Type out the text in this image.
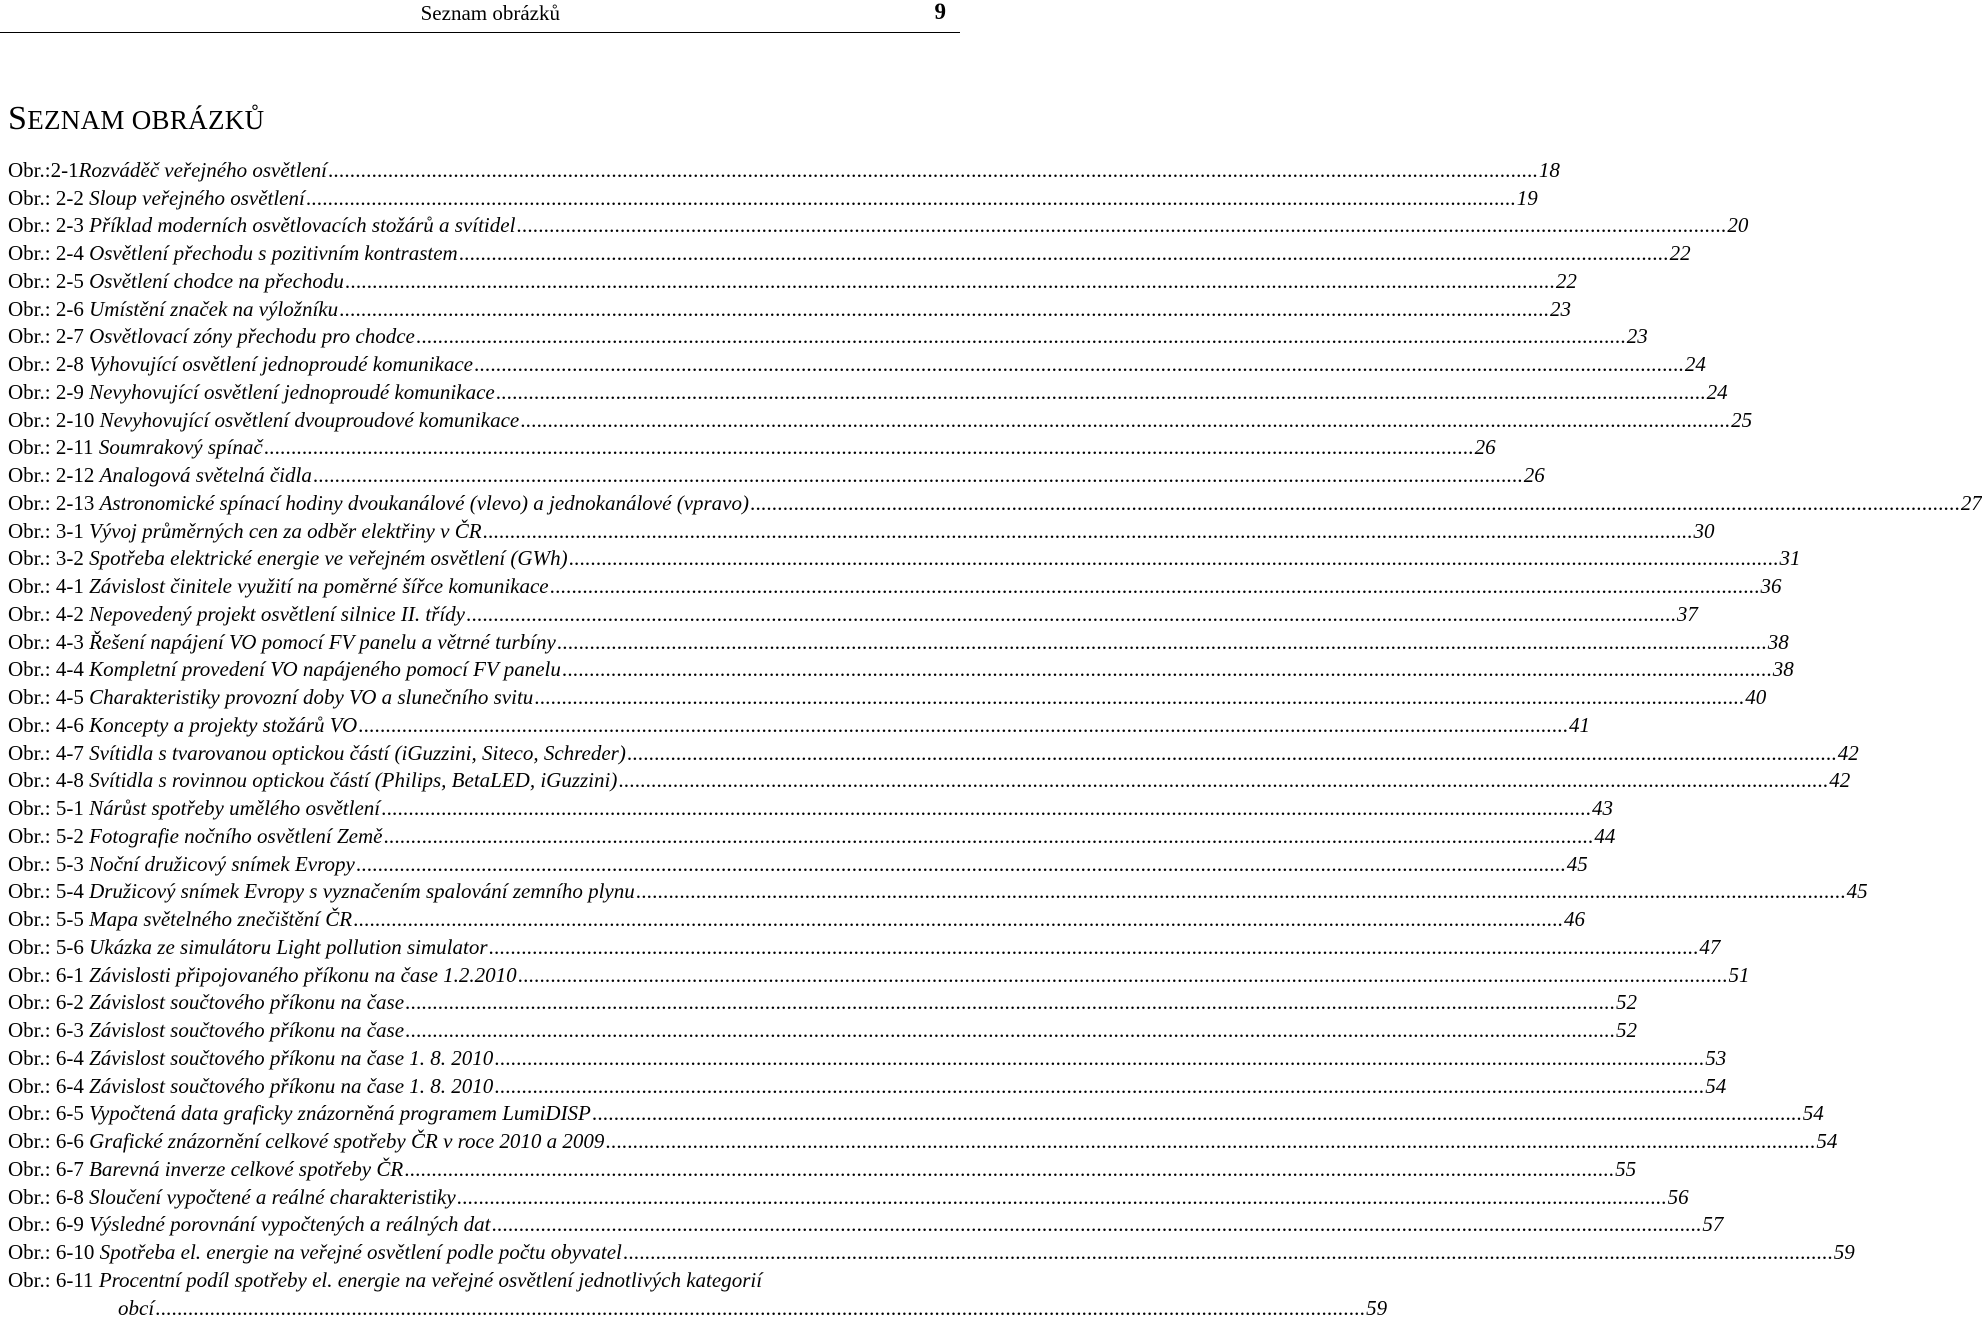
Seznam obrázků	9
SEZNAM OBRÁZKŮ
Obr.:2-1Rozváděč veřejného osvětlení .....	18
Obr.: 2-2 Sloup veřejného osvětlení .....	19
Obr.: 2-3 Příklad moderních osvětlovacích stožárů a svítidel .....	20
Obr.: 2-4 Osvětlení přechodu s pozitivním kontrastem .....	22
Obr.: 2-5 Osvětlení chodce na přechodu .....	22
Obr.: 2-6 Umístění značek na výložníku .....	23
Obr.: 2-7 Osvětlovací zóny přechodu pro chodce .....	23
Obr.: 2-8 Vyhovující osvětlení jednoproudé komunikace .....	24
Obr.: 2-9 Nevyhovující osvětlení jednoproudé komunikace .....	24
Obr.: 2-10 Nevyhovující osvětlení dvouproudové komunikace .....	25
Obr.: 2-11 Soumrakový spínač .....	26
Obr.: 2-12 Analogová světelná čidla .....	26
Obr.: 2-13 Astronomické spínací hodiny dvoukanálové (vlevo) a jednokanálové (vpravo) .....	27
Obr.: 3-1 Vývoj průměrných cen za odběr elektřiny v ČR .....	30
Obr.: 3-2 Spotřeba elektrické energie ve veřejném osvětlení (GWh) .....	31
Obr.: 4-1 Závislost činitele využití na poměrné šířce komunikace .....	36
Obr.: 4-2 Nepovedený projekt osvětlení silnice II. třídy .....	37
Obr.: 4-3 Řešení napájení VO pomocí FV panelu a větrné turbíny .....	38
Obr.: 4-4 Kompletní provedení VO napájeného pomocí FV panelu .....	38
Obr.: 4-5 Charakteristiky provozní doby VO a slunečního svitu .....	40
Obr.: 4-6 Koncepty a projekty stožárů VO .....	41
Obr.: 4-7 Svítidla s tvarovanou optickou částí (iGuzzini, Siteco, Schreder) .....	42
Obr.: 4-8 Svítidla s rovinnou optickou částí (Philips, BetaLED, iGuzzini) .....	42
Obr.: 5-1 Nárůst spotřeby umělého osvětlení .....	43
Obr.: 5-2 Fotografie nočního osvětlení Země .....	44
Obr.: 5-3 Noční družicový snímek Evropy .....	45
Obr.: 5-4 Družicový snímek Evropy s vyznačením spalování zemního plynu .....	45
Obr.: 5-5 Mapa světelného znečištění ČR .....	46
Obr.: 5-6 Ukázka ze simulátoru Light pollution simulator .....	47
Obr.: 6-1 Závislosti připojovaného příkonu na čase 1.2.2010 .....	51
Obr.: 6-2 Závislost součtového příkonu na čase .....	52
Obr.: 6-3 Závislost součtového příkonu na čase .....	52
Obr.: 6-4 Závislost součtového příkonu na čase 1. 8. 2010 .....	53
Obr.: 6-4 Závislost součtového příkonu na čase 1. 8. 2010 .....	54
Obr.: 6-5 Vypočtená data graficky znázorněná programem LumiDISP .....	54
Obr.: 6-6 Grafické znázornění celkové spotřeby ČR v roce 2010 a 2009 .....	54
Obr.: 6-7 Barevná inverze celkové spotřeby ČR .....	55
Obr.: 6-8 Sloučení vypočtené a reálné charakteristiky .....	56
Obr.: 6-9 Výsledné porovnání vypočtených a reálných dat .....	57
Obr.: 6-10 Spotřeba el. energie na veřejné osvětlení podle počtu obyvatel .....	59
Obr.: 6-11 Procentní podíl spotřeby el. energie na veřejné osvětlení jednotlivých kategorií
obcí .....	59
